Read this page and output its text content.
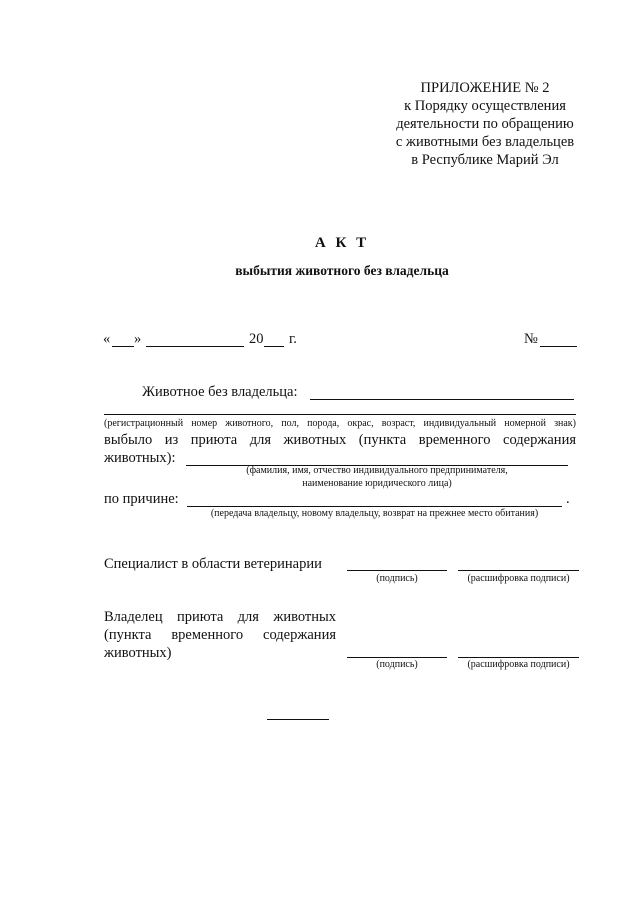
ПРИЛОЖЕНИЕ № 2
к Порядку осуществления
деятельности по обращению
с животными без владельцев
в Республике Марий Эл
А К Т
выбытия животного без владельца
« »	20 г.	№
Животное без владельца:
(регистрационный номер животного, пол, порода, окрас, возраст, индивидуальный номерной знак)
выбыло из приюта для животных (пункта временного содержания
животных):
(фамилия, имя, отчество индивидуального предпринимателя,
наименование юридического лица)
по причине:	.
(передача владельцу, новому владельцу, возврат на прежнее место обитания)
Специалист в области ветеринарии
(подпись)	(расшифровка подписи)
Владелец приюта для животных
(пункта временного содержания
животных)
(подпись)	(расшифровка подписи)
